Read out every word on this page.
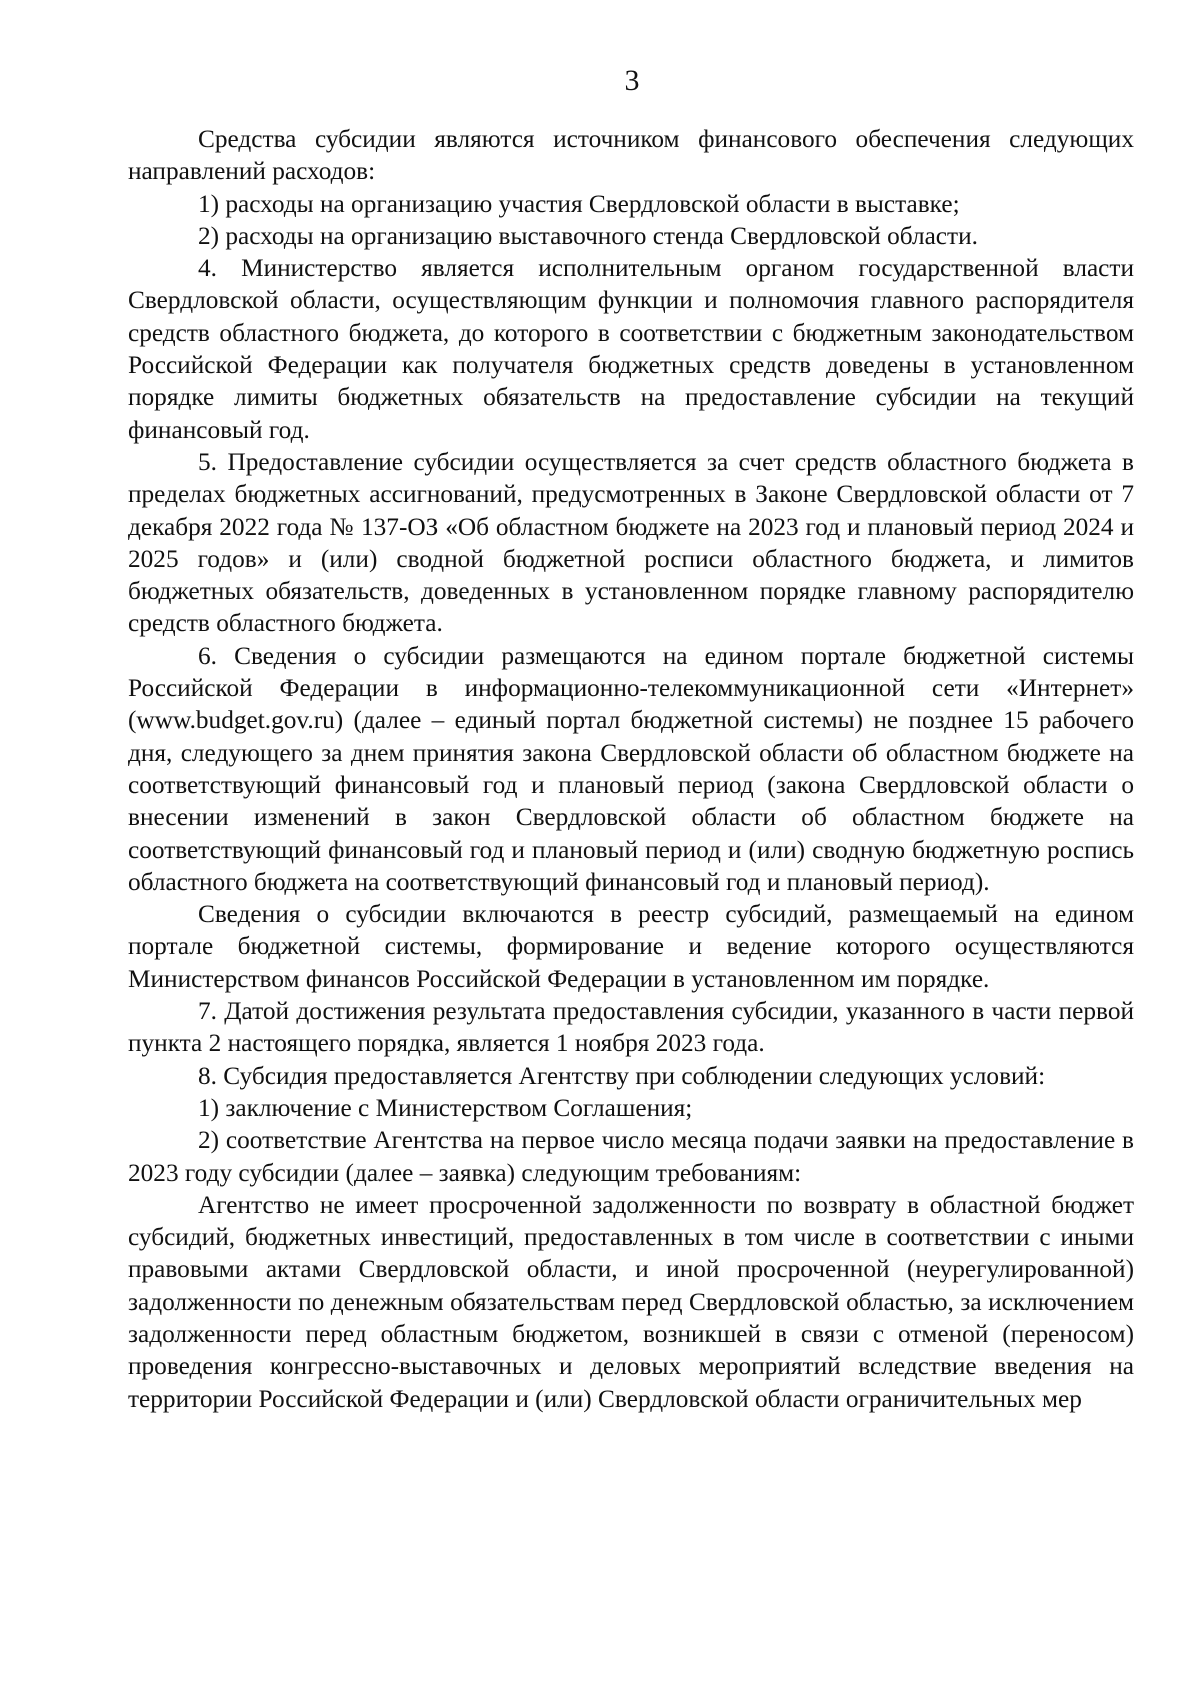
3

Средства субсидии являются источником финансового обеспечения следующих направлений расходов:

1) расходы на организацию участия Свердловской области в выставке;

2) расходы на организацию выставочного стенда Свердловской области.

4. Министерство является исполнительным органом государственной власти Свердловской области, осуществляющим функции и полномочия главного распорядителя средств областного бюджета, до которого в соответствии с бюджетным законодательством Российской Федерации как получателя бюджетных средств доведены в установленном порядке лимиты бюджетных обязательств на предоставление субсидии на текущий финансовый год.

5. Предоставление субсидии осуществляется за счет средств областного бюджета в пределах бюджетных ассигнований, предусмотренных в Законе Свердловской области от 7 декабря 2022 года № 137-ОЗ «Об областном бюджете на 2023 год и плановый период 2024 и 2025 годов» и (или) сводной бюджетной росписи областного бюджета, и лимитов бюджетных обязательств, доведенных в установленном порядке главному распорядителю средств областного бюджета.

6. Сведения о субсидии размещаются на едином портале бюджетной системы Российской Федерации в информационно-телекоммуникационной сети «Интернет» (www.budget.gov.ru) (далее – единый портал бюджетной системы) не позднее 15 рабочего дня, следующего за днем принятия закона Свердловской области об областном бюджете на соответствующий финансовый год и плановый период (закона Свердловской области о внесении изменений в закон Свердловской области об областном бюджете на соответствующий финансовый год и плановый период и (или) сводную бюджетную роспись областного бюджета на соответствующий финансовый год и плановый период).

Сведения о субсидии включаются в реестр субсидий, размещаемый на едином портале бюджетной системы, формирование и ведение которого осуществляются Министерством финансов Российской Федерации в установленном им порядке.

7. Датой достижения результата предоставления субсидии, указанного в части первой пункта 2 настоящего порядка, является 1 ноября 2023 года.

8. Субсидия предоставляется Агентству при соблюдении следующих условий:

1) заключение с Министерством Соглашения;

2) соответствие Агентства на первое число месяца подачи заявки на предоставление в 2023 году субсидии (далее – заявка) следующим требованиям:

Агентство не имеет просроченной задолженности по возврату в областной бюджет субсидий, бюджетных инвестиций, предоставленных в том числе в соответствии с иными правовыми актами Свердловской области, и иной просроченной (неурегулированной) задолженности по денежным обязательствам перед Свердловской областью, за исключением задолженности перед областным бюджетом, возникшей в связи с отменой (переносом) проведения конгрессно-выставочных и деловых мероприятий вследствие введения на территории Российской Федерации и (или) Свердловской области ограничительных мер
